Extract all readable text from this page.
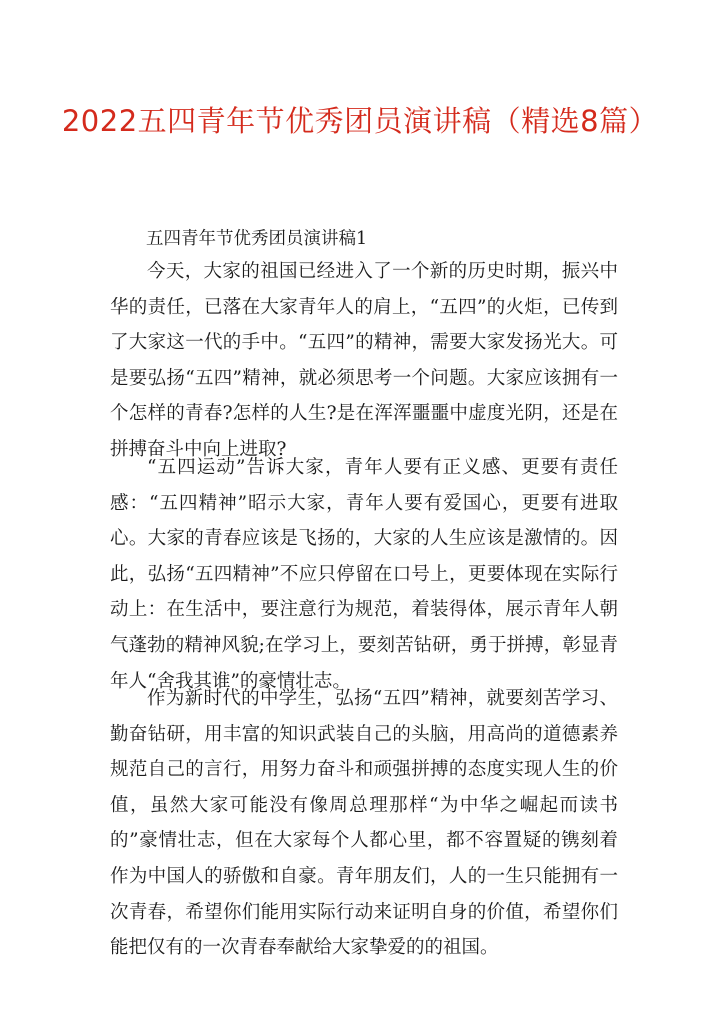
2022五四青年节优秀团员演讲稿（精选8篇）

五四青年节优秀团员演讲稿1

今天，大家的祖国已经进入了一个新的历史时期，振兴中华的责任，已落在大家青年人的肩上，“五四”的火炬，已传到了大家这一代的手中。“五四”的精神，需要大家发扬光大。可是要弘扬“五四”精神，就必须思考一个问题。大家应该拥有一个怎样的青春?怎样的人生?是在浑浑噩噩中虚度光阴，还是在拼搏奋斗中向上进取?

“五四运动”告诉大家，青年人要有正义感、更要有责任感：“五四精神”昭示大家，青年人要有爱国心，更要有进取心。大家的青春应该是飞扬的，大家的人生应该是激情的。因此，弘扬“五四精神”不应只停留在口号上，更要体现在实际行动上：在生活中，要注意行为规范，着装得体，展示青年人朝气蓬勃的精神风貌;在学习上，要刻苦钻研，勇于拼搏，彰显青年人“舍我其谁”的豪情壮志。

作为新时代的中学生，弘扬“五四”精神，就要刻苦学习、勤奋钻研，用丰富的知识武装自己的头脑，用高尚的道德素养规范自己的言行，用努力奋斗和顽强拼搏的态度实现人生的价值，虽然大家可能没有像周总理那样“为中华之崛起而读书的”豪情壮志，但在大家每个人都心里，都不容置疑的镌刻着作为中国人的骄傲和自豪。青年朋友们，人的一生只能拥有一次青春，希望你们能用实际行动来证明自身的价值，希望你们能把仅有的一次青春奉献给大家挚爱的的祖国。
